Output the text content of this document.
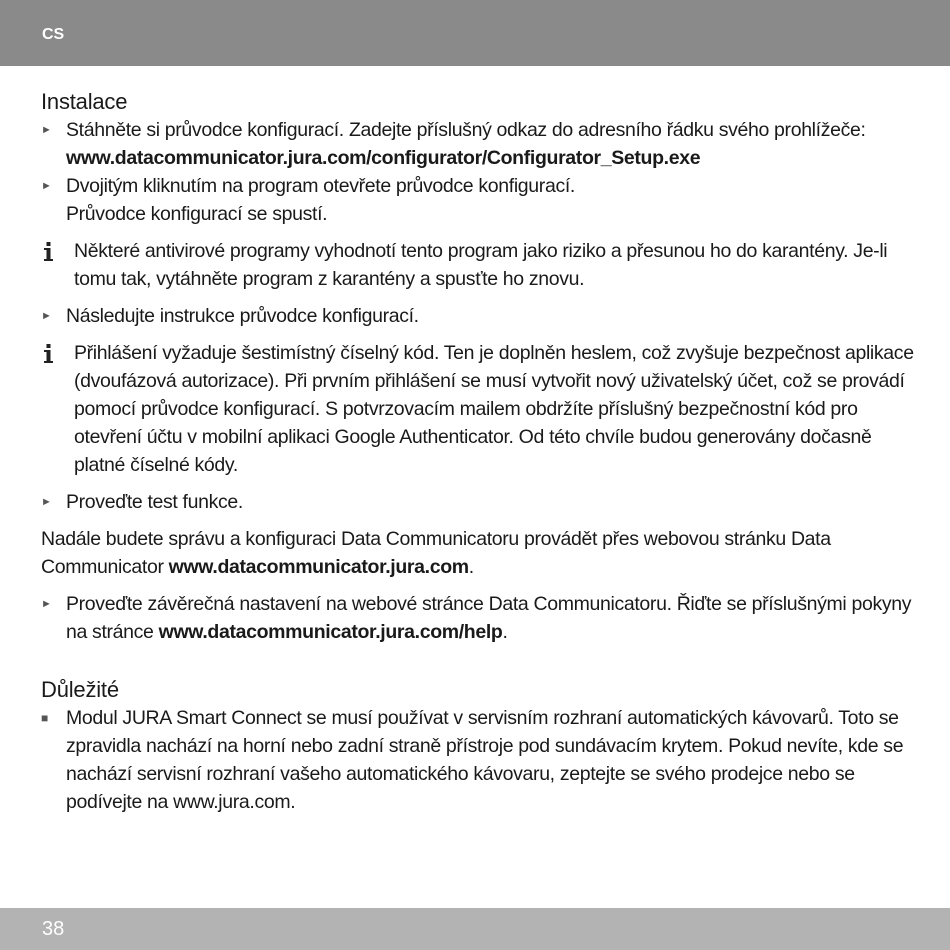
CS
Instalace
► Stáhněte si průvodce konfigurací. Zadejte příslušný odkaz do adresního řádku svého prohlížeče: www.datacommunicator.jura.com/configurator/Configurator_Setup.exe
► Dvojitým kliknutím na program otevřete průvodce konfigurací.
Průvodce konfigurací se spustí.
Některé antivirové programy vyhodnotí tento program jako riziko a přesunou ho do karantény. Je-li tomu tak, vytáhněte program z karantény a spusťte ho znovu.
► Následujte instrukce průvodce konfigurací.
Přihlášení vyžaduje šestimístný číselný kód. Ten je doplněn heslem, což zvyšuje bezpečnost aplikace (dvoufázová autorizace). Při prvním přihlášení se musí vytvořit nový uživatelský účet, což se provádí pomocí průvodce konfigurací. S potvrzovacím mailem obdržíte příslušný bezpečnostní kód pro otevření účtu v mobilní aplikaci Google Authenticator. Od této chvíle budou generovány dočasně platné číselné kódy.
► Proveďte test funkce.
Nadále budete správu a konfiguraci Data Communicatoru provádět přes webovou stránku Data Communicator www.datacommunicator.jura.com.
► Proveďte závěrečná nastavení na webové stránce Data Communicatoru. Řiďte se příslušnými pokyny na stránce www.datacommunicator.jura.com/help.
Důležité
■ Modul JURA Smart Connect se musí používat v servisním rozhraní automatických kávovarů. Toto se zpravidla nachází na horní nebo zadní straně přístroje pod sundávacím krytem. Pokud nevíte, kde se nachází servisní rozhraní vašeho automatického kávovaru, zeptejte se svého prodejce nebo se podívejte na www.jura.com.
38
